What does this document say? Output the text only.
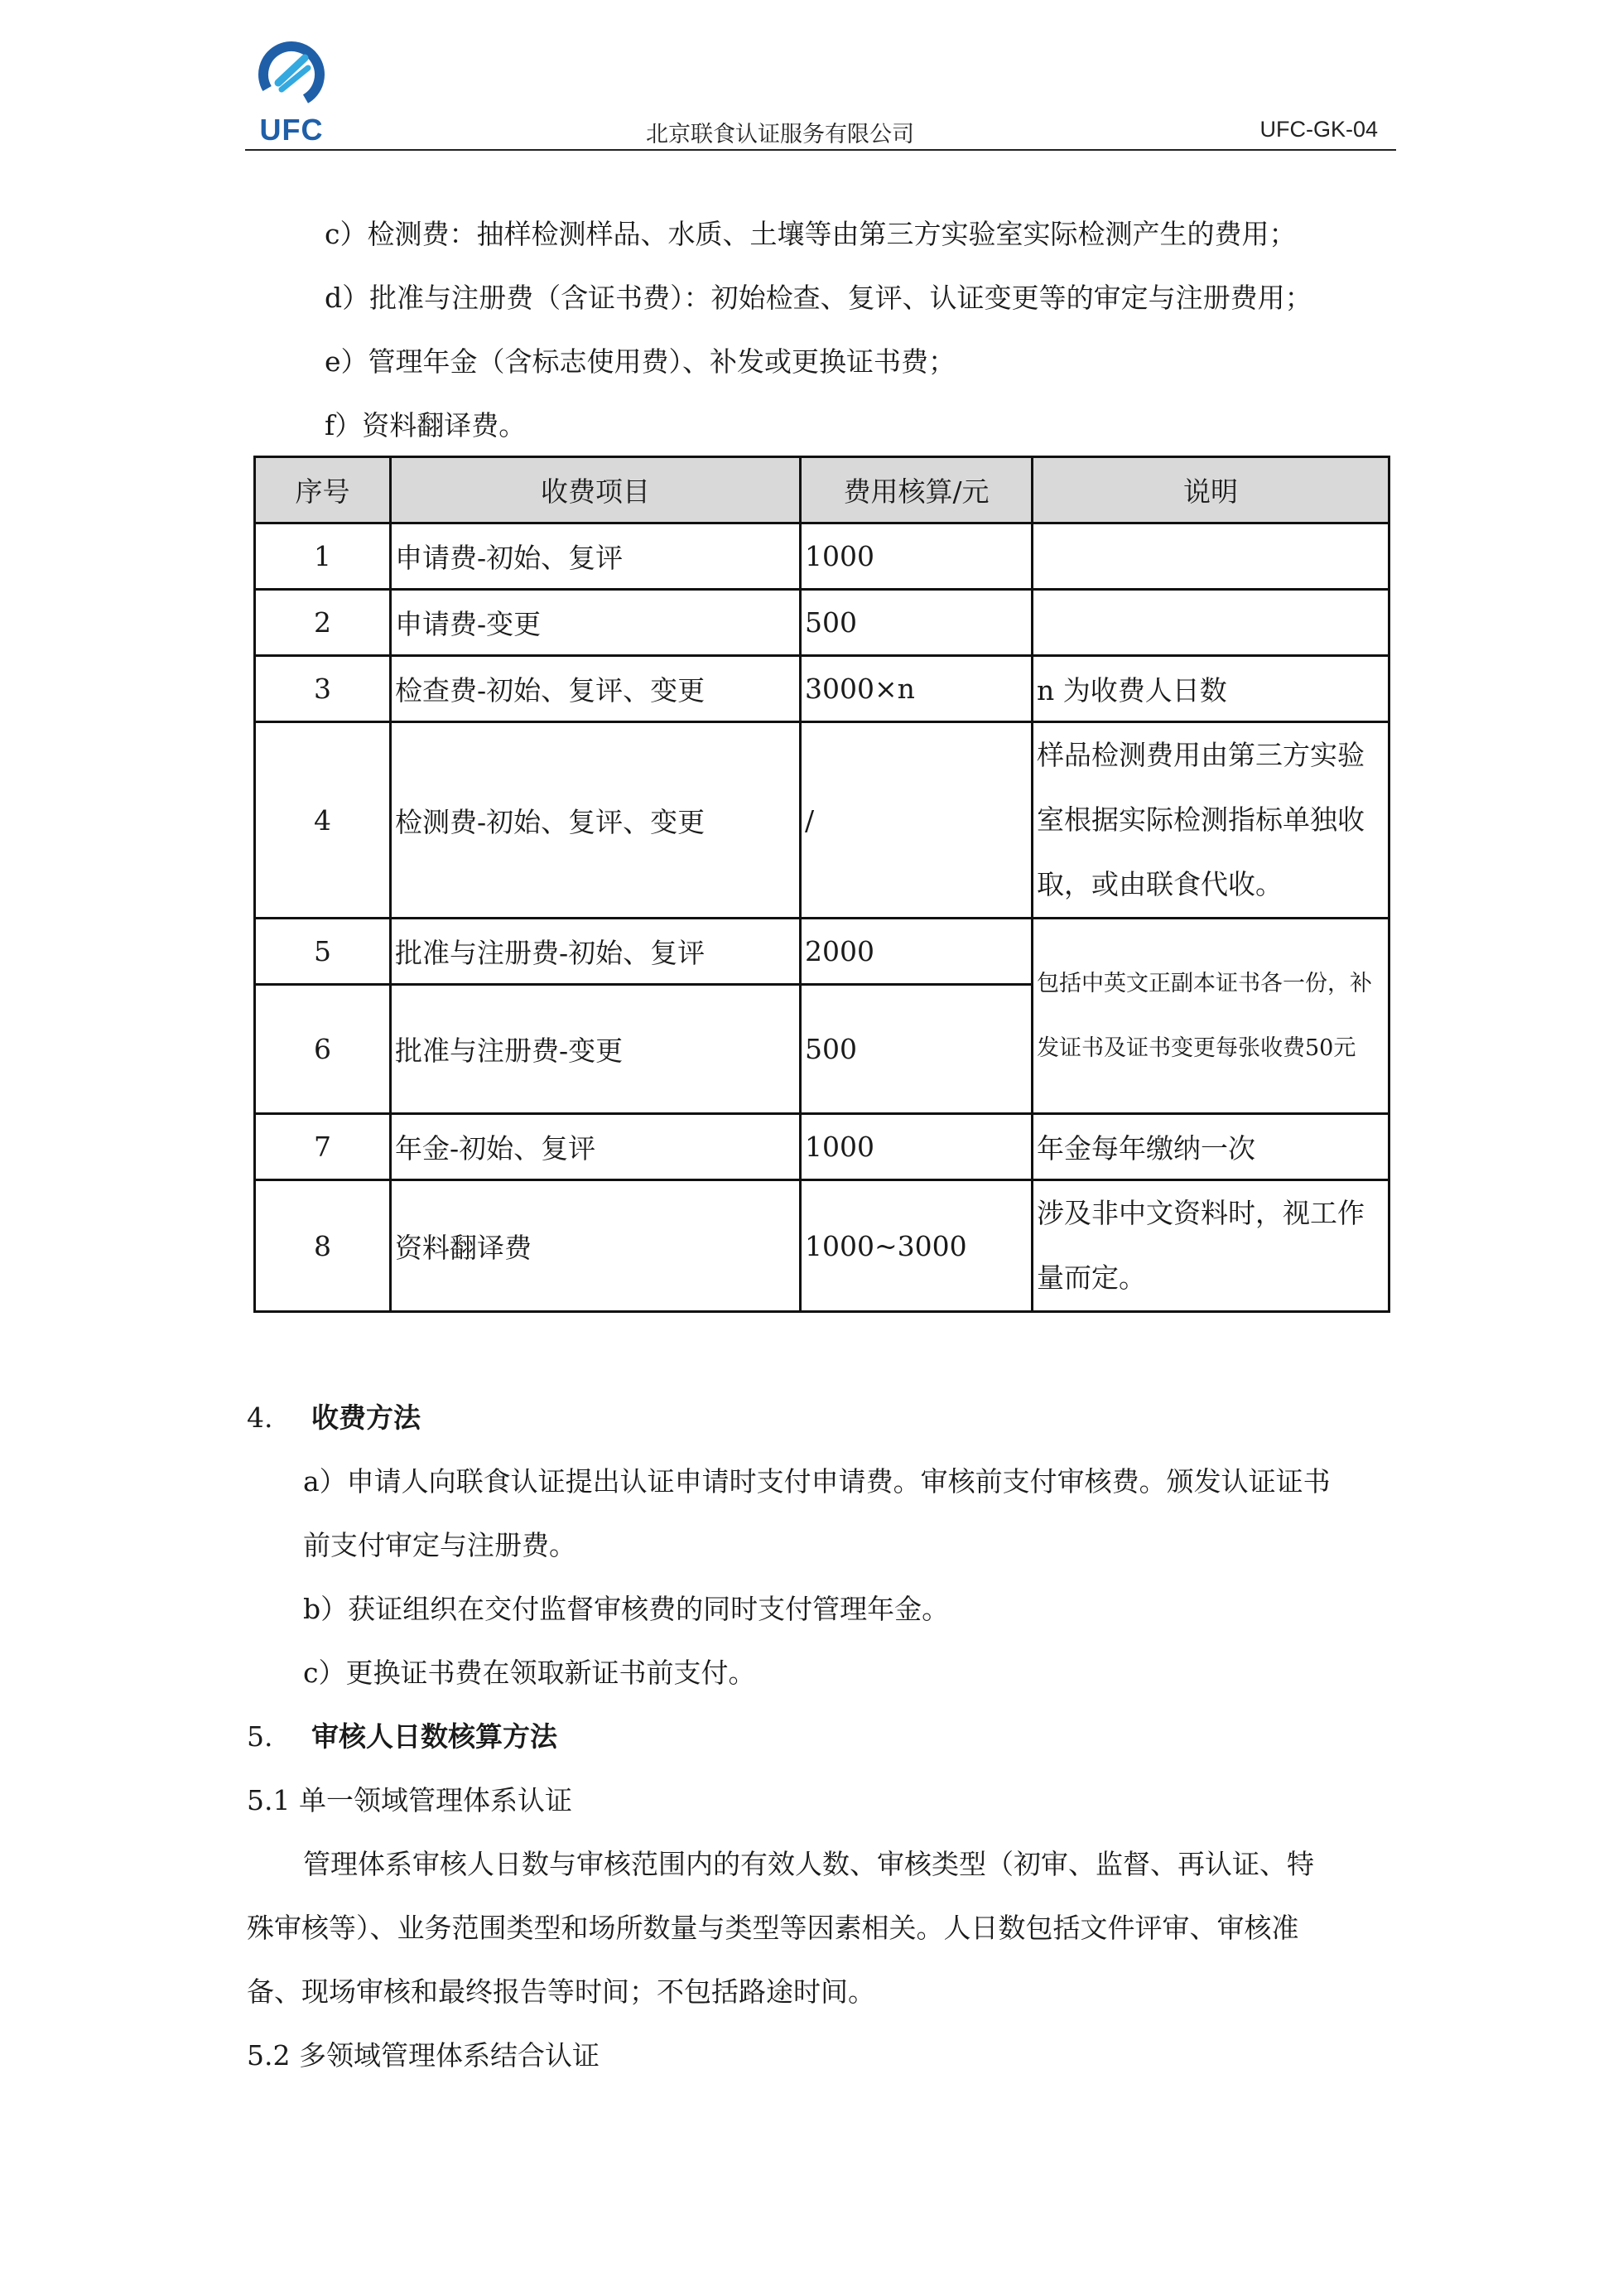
UFC	北京联食认证服务有限公司	UFC-GK-04
c）检测费：抽样检测样品、水质、土壤等由第三方实验室实际检测产生的费用；
d）批准与注册费（含证书费）：初始检查、复评、认证变更等的审定与注册费用；
e）管理年金（含标志使用费）、补发或更换证书费；
f）资料翻译费。
序号	收费项目	费用核算/元	说明
1	申请费-初始、复评	1000	
2	申请费-变更	500	
3	检查费-初始、复评、变更	3000×n	n 为收费人日数
4	检测费-初始、复评、变更	/	样品检测费用由第三方实验室根据实际检测指标单独收取，或由联食代收。
5	批准与注册费-初始、复评	2000	包括中英文正副本证书各一份，补发证书及证书变更每张收费50元
6	批准与注册费-变更	500	
7	年金-初始、复评	1000	年金每年缴纳一次
8	资料翻译费	1000~3000	涉及非中文资料时，视工作量而定。
4. 收费方法
a）申请人向联食认证提出认证申请时支付申请费。审核前支付审核费。颁发认证证书
前支付审定与注册费。
b）获证组织在交付监督审核费的同时支付管理年金。
c）更换证书费在领取新证书前支付。
5. 审核人日数核算方法
5.1 单一领域管理体系认证
管理体系审核人日数与审核范围内的有效人数、审核类型（初审、监督、再认证、特
殊审核等）、业务范围类型和场所数量与类型等因素相关。人日数包括文件评审、审核准
备、现场审核和最终报告等时间；不包括路途时间。
5.2 多领域管理体系结合认证
